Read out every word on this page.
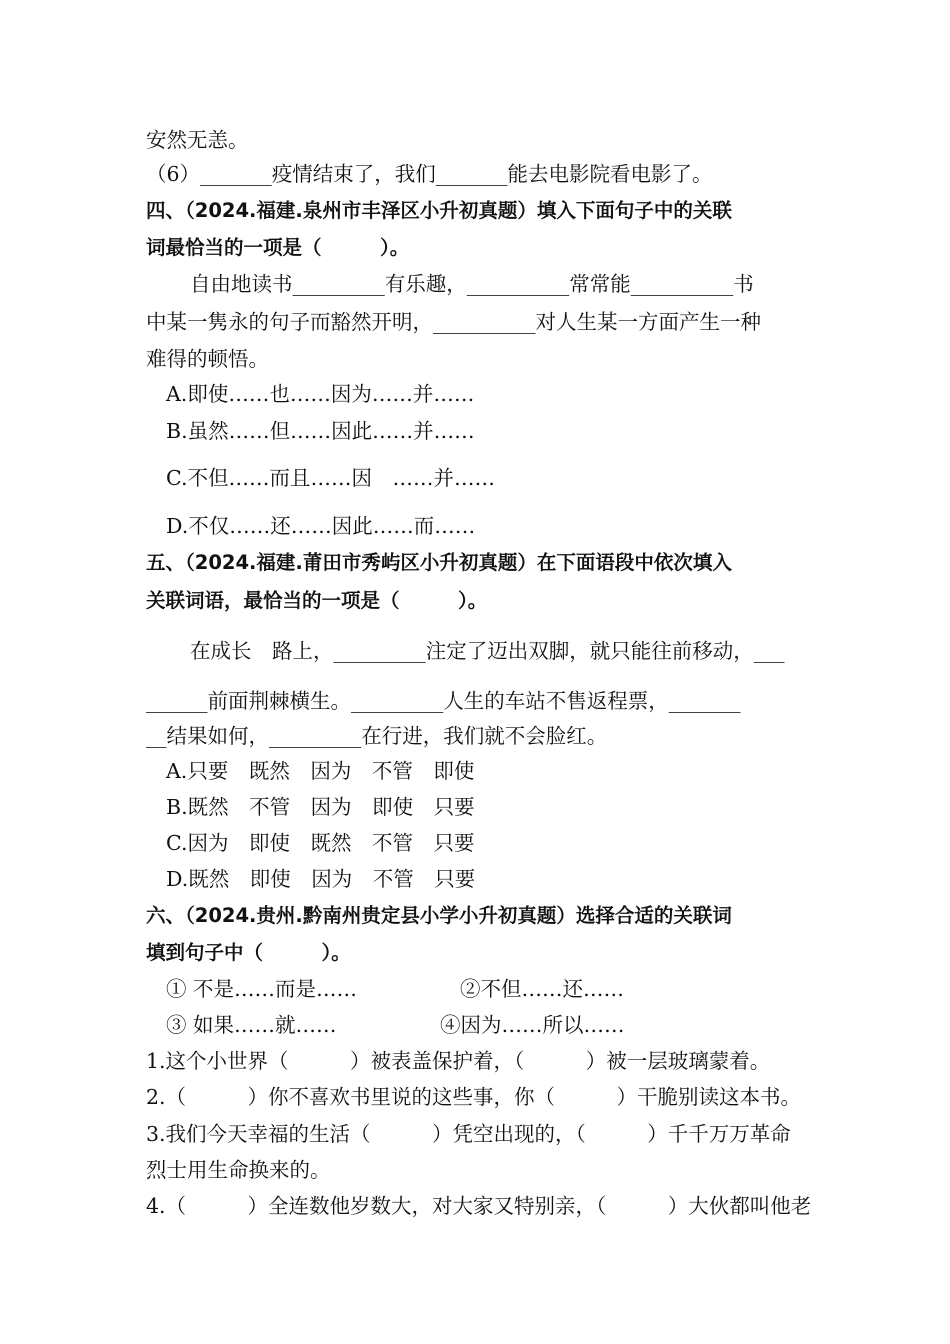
安然无恙。
（6）_______疫情结束了，我们_______能去电影院看电影了。
四、（2024.福建.泉州市丰泽区小升初真题）填入下面句子中的关联
词最恰当的一项是（　　　）。
自由地读书_________有乐趣，__________常常能__________书
中某一隽永的句子而豁然开明，__________对人生某一方面产生一种
难得的顿悟。
A.即使……也……因为……并……
B.虽然……但……因此……并……
C.不但……而且……因　……并……
D.不仅……还……因此……而……
五、（2024.福建.莆田市秀屿区小升初真题）在下面语段中依次填入
关联词语，最恰当的一项是（　　　）。
在成长　路上，_________注定了迈出双脚，就只能往前移动，___
______前面荆棘横生。_________人生的车站不售返程票，_______
__结果如何，_________在行进，我们就不会脸红。
A.只要　既然　因为　不管　即使
B.既然　不管　因为　即使　只要
C.因为　即使　既然　不管　只要
D.既然　即使　因为　不管　只要
六、（2024.贵州.黔南州贵定县小学小升初真题）选择合适的关联词
填到句子中（　　　）。
① 不是……而是……	②不但……还……
③ 如果……就……	④因为……所以……
1.这个小世界（　　　）被表盖保护着，（　　　）被一层玻璃蒙着。
2.（　　　）你不喜欢书里说的这些事，你（　　　）干脆别读这本书。
3.我们今天幸福的生活（　　　）凭空出现的，（　　　）千千万万革命
烈士用生命换来的。
4.（　　　）全连数他岁数大，对大家又特别亲，（　　　）大伙都叫他老
